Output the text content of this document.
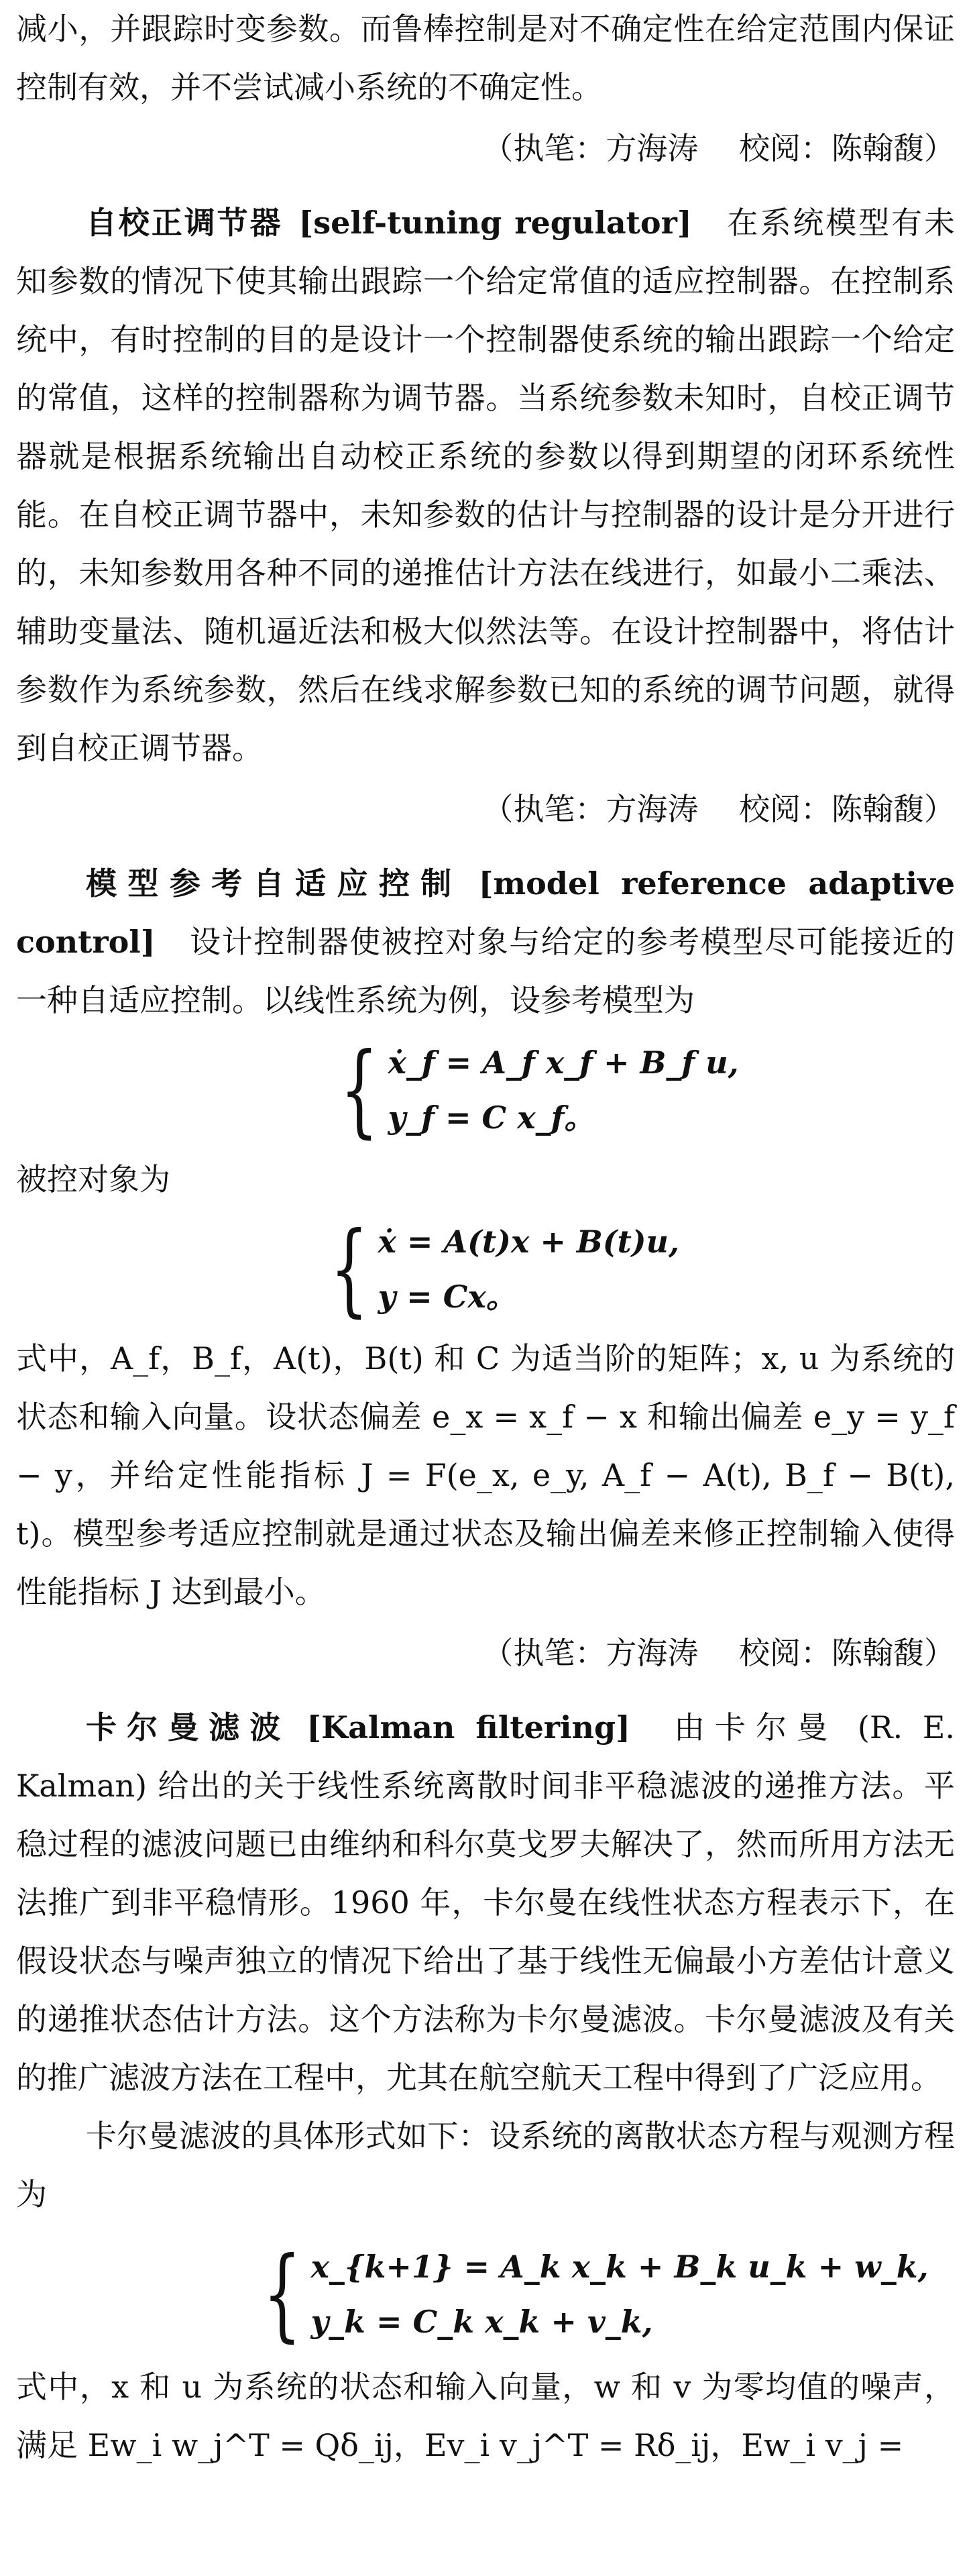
减小，并跟踪时变参数。而鲁棒控制是对不确定性在给定范围内保证控制有效，并不尝试减小系统的不确定性。

（执笔：方海涛 　校阅：陈翰馥）

自校正调节器 [self-tuning regulator] 在系统模型有未知参数的情况下使其输出跟踪一个给定常值的适应控制器。在控制系统中，有时控制的目的是设计一个控制器使系统的输出跟踪一个给定的常值，这样的控制器称为调节器。当系统参数未知时，自校正调节器就是根据系统输出自动校正系统的参数以得到期望的闭环系统性能。在自校正调节器中，未知参数的估计与控制器的设计是分开进行的，未知参数用各种不同的递推估计方法在线进行，如最小二乘法、辅助变量法、随机逼近法和极大似然法等。在设计控制器中，将估计参数作为系统参数，然后在线求解参数已知的系统的调节问题，就得到自校正调节器。

（执笔：方海涛 　校阅：陈翰馥）

模型参考自适应控制 [model reference adaptive control] 设计控制器使被控对象与给定的参考模型尽可能接近的一种自适应控制。以线性系统为例，设参考模型为

{ ẋ_f = A_f x_f + B_f u,
y_f = C x_f。

被控对象为

{ ẋ = A(t)x + B(t)u,
y = Cx。

式中，A_f，B_f，A(t)，B(t) 和 C 为适当阶的矩阵；x, u 为系统的状态和输入向量。设状态偏差 e_x = x_f − x 和输出偏差 e_y = y_f − y，并给定性能指标 J = F(e_x, e_y, A_f − A(t), B_f − B(t), t)。模型参考适应控制就是通过状态及输出偏差来修正控制输入使得性能指标 J 达到最小。

（执笔：方海涛 　校阅：陈翰馥）

卡尔曼滤波 [Kalman filtering] 由卡尔曼 (R. E. Kalman) 给出的关于线性系统离散时间非平稳滤波的递推方法。平稳过程的滤波问题已由维纳和科尔莫戈罗夫解决了，然而所用方法无法推广到非平稳情形。1960 年，卡尔曼在线性状态方程表示下，在假设状态与噪声独立的情况下给出了基于线性无偏最小方差估计意义的递推状态估计方法。这个方法称为卡尔曼滤波。卡尔曼滤波及有关的推广滤波方法在工程中，尤其在航空航天工程中得到了广泛应用。

卡尔曼滤波的具体形式如下：设系统的离散状态方程与观测方程为

{ x_{k+1} = A_k x_k + B_k u_k + w_k,
y_k = C_k x_k + v_k,

式中，x 和 u 为系统的状态和输入向量，w 和 v 为零均值的噪声，满足 Ew_i w_j^T = Qδ_ij，Ev_i v_j^T = Rδ_ij，Ew_i v_j =
